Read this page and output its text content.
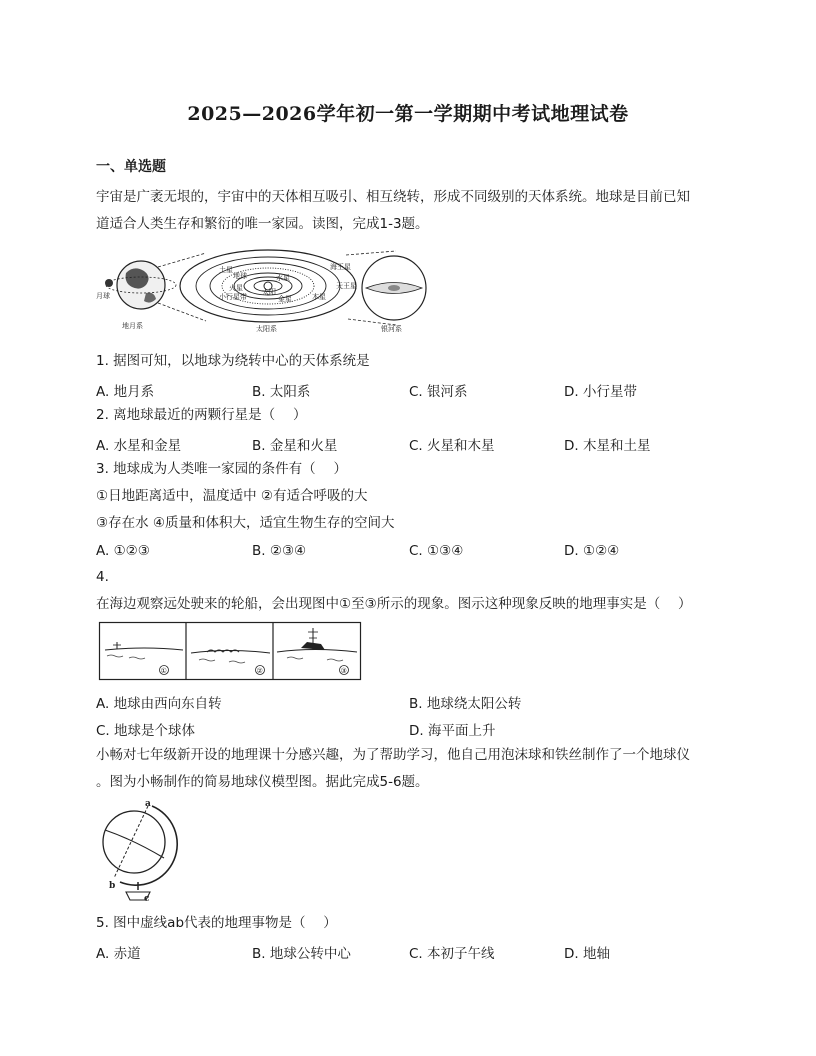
2025—2026学年初一第一学期期中考试地理试卷
一、单选题
宇宙是广袤无垠的，宇宙中的天体相互吸引、相互绕转，形成不同级别的天体系统。地球是目前已知
道适合人类生存和繁衍的唯一家园。读图，完成1-3题。
月球
地月系
土星
地球	水星
火星	太阳
小行星带	金星
海王星
天王星
木星
太阳系	银河系
1. 据图可知，以地球为绕转中心的天体系统是
A. 地月系	B. 太阳系	C. 银河系	D. 小行星带
2. 离地球最近的两颗行星是（　 ）
A. 水星和金星	B. 金星和火星	C. 火星和木星	D. 木星和土星
3. 地球成为人类唯一家园的条件有（　 ）
①日地距离适中，温度适中 ②有适合呼吸的大
③存在水 ④质量和体积大，适宜生物生存的空间大
A. ①②③	B. ②③④	C. ①③④	D. ①②④
4.
在海边观察远处驶来的轮船，会出现图中①至③所示的现象。图示这种现象反映的地理事实是（　 ）
①	②	③
A. 地球由西向东自转	B. 地球绕太阳公转
C. 地球是个球体	D. 海平面上升
小畅对七年级新开设的地理课十分感兴趣，为了帮助学习，他自己用泡沫球和铁丝制作了一个地球仪
。图为小畅制作的简易地球仪模型图。据此完成5-6题。
a
b
c
5. 图中虚线ab代表的地理事物是（　 ）
A. 赤道	B. 地球公转中心	C. 本初子午线	D. 地轴
